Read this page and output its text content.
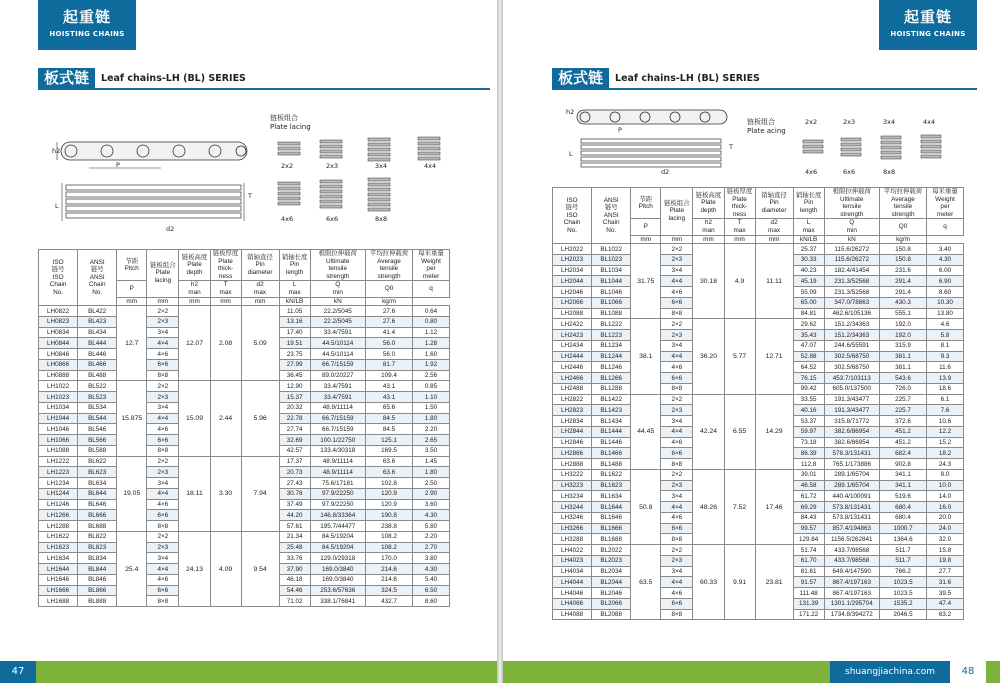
起重链
HOISTING CHAINS
板式链	Leaf chains-LH (BL) SERIES
链板组合
Plate lacing
h2
P
L
T
d2
2x2	2x3	3x4	4x4
4x6	6x6	8x8
ISO
链号
ISO
Chain
No.	ANSI
链号
ANSI
Chain
No.	节距
Pitch	链板组合
Plate
lacing	链板高度
Plate
depth	链板厚度
Plate
thick-
ness	销轴直径
Pin
diameter	销轴长度
Pin
length	极限拉伸载荷
Ultimate
tensile
strength	平均拉伸载荷
Average
tensile
strength	每米重量
Weight
per
meter
		P		h2
man	T
max	d2
max	L
max	Q
min	Q0	q
		mm	mm	mm	mm	mm	kN/LB	kN	kg/m	
LH0822	BL422	12.7	2×2	12.07	2.08	5.09	11.05	22.2/5045	27.6	0.64
LH0823	BL423		2×3				13.16	22.2/5045	27.6	0.80
LH0834	BL434		3×4				17.40	33.4/7591	41.4	1.12
LH0844	BL444		4×4				19.51	44.5/10114	56.0	1.28
LH0846	BL446		4×6				23.75	44.5/10114	56.0	1.60
LH0866	BL466		6×6				27.99	66.7/15159	81.7	1.92
LH0888	BL488		8×8				36.45	89.0/20227	109.4	2.56
LH1022	BL522	15.875	2×2	15.09	2.44	5.96	12.90	33.4/7591	43.1	0.85
LH1023	BL523		2×3				15.37	33.4/7591	43.1	1.10
LH1034	BL534		3×4				20.32	48.9/11114	65.6	1.50
LH1044	BL544		4×4				22.78	66.7/15159	84.5	1.80
LH1046	BL546		4×6				27.74	66.7/15159	84.5	2.20
LH1066	BL566		6×6				32.69	100.1/22750	125.1	2.65
LH1088	BL588		8×8				42.57	133.4/30318	169.5	3.50
LH1222	BL622	19.05	2×2	18.11	3.30	7.94	17.37	48.9/11114	63.6	1.45
LH1223	BL623		2×3				20.73	48.9/11114	63.6	1.80
LH1234	BL634		3×4				27.43	75.6/17181	102.8	2.50
LH1244	BL644		4×4				30.78	97.9/22250	120.9	2.90
LH1246	BL646		4×6				37.49	97.9/22250	120.9	3.60
LH1266	BL666		6×6				44.20	146.8/33364	190.8	4.30
LH1288	BL688		8×8				57.61	195.7/44477	238.8	5.80
LH1622	BL822	25.4	2×2	24.13	4.09	9.54	21.34	84.5/19204	108.2	2.20
LH1623	BL823		2×3				25.48	84.5/19204	108.2	2.70
LH1634	BL834		3×4				33.76	129.0/29318	170.0	3.80
LH1644	BL844		4×4				37.90	169.0/3840	214.6	4.30
LH1646	BL846		4×6				46.18	169.0/3840	214.6	5.40
LH1666	BL866		6×6				54.46	253.6/57636	324.5	6.50
LH1688	BL888		8×8				71.02	338.1/76841	432.7	8.60
47
起重链
HOISTING CHAINS
板式链	Leaf chains-LH (BL) SERIES
h2
P
L
T
d2
链板组合
Plate acing
2x2	2x3	3x4	4x4
4x6	6x6	8x8
ISO
链号
ISO
Chain
No.	ANSI
链号
ANSI
Chain
No.	节距
Pitch	链板组合
Plate
lacing	链板高度
Plate
depth	链板厚度
Plate
thick-
ness	销轴直径
Pin
diameter	销轴长度
Pin
length	极限拉伸载荷
Ultimate
tensile
strength	平均拉伸载荷
Average
tensile
strength	每米重量
Weight
per
meter
		P		h2
man	T
max	d2
max	L
max	Q
min	Q0	q
		mm	mm	mm	mm	mm	kN/LB	kN	kg/m	
LH2022	BL1022	31.75	2×2	30.18	4.9	11.11	25.37	115.6/26272	150.8	3.40
LH2023	BL1023		2×3				30.33	115.6/26272	150.8	4.30
LH2034	BL1034		3×4				40.23	182.4/41454	231.6	6.00
LH2044	BL1044		4×4				45.19	231.3/52568	291.4	6.90
LH2046	BL1046		4×6				55.09	231.3/52568	291.4	8.60
LH2066	BL1066		6×6				65.00	347.0/78863	430.3	10.30
LH2088	BL1088		8×8				84.81	462.6/105136	555.1	13.80
LH2422	BL1222	38.1	2×2	36.20	5.77	12.71	29.62	151.2/34363	192.0	4.6
LH2423	BL1223		2×3				35.43	151.2/34363	192.0	5.8
LH2434	BL1234		3×4				47.07	244.6/55591	315.9	8.1
LH2444	BL1244		4×4				52.88	302.5/68750	381.1	9.3
LH2446	BL1246		4×6				64.52	302.5/68750	381.1	11.6
LH2466	BL1266		6×6				76.15	453.7/103113	543.6	13.9
LH2488	BL1288		8×8				99.42	605.0/137500	726.0	18.6
LH2822	BL1422	44.45	2×2	42.24	6.55	14.29	33.55	191.3/43477	225.7	6.1
LH2823	BL1423		2×3				40.16	191.3/43477	225.7	7.6
LH2834	BL1434		3×4				53.37	315.8/71772	372.6	10.6
LH2844	BL1444		4×4				59.97	382.6/86954	451.2	12.2
LH2846	BL1446		4×6				73.18	382.6/86954	451.2	15.2
LH2866	BL1466		6×6				86.39	578.3/131431	682.4	18.2
LH2888	BL1488		8×8				112.8	765.1/173886	902.8	24.3
LH3222	BL1622	50.8	2×2	48.26	7.52	17.46	39.01	289.1/65704	341.1	8.0
LH3223	BL1623		2×3				46.58	289.1/65704	341.1	10.0
LH3234	BL1634		3×4				61.72	440.4/100091	519.6	14.0
LH3244	BL1644		4×4				69.29	573.8/131431	680.4	16.0
LH3246	BL1646		4×6				84.43	573.8/131431	680.4	20.0
LH3266	BL1666		6×6				99.57	857.4/194863	1000.7	24.0
LH3288	BL1688		8×8				129.84	1156.5/262841	1364.6	32.0
LH4022	BL2022	63.5	2×2	60.33	9.91	23.81	51.74	433.7/98568	511.7	15.8
LH4023	BL2023		2×3				61.70	433.7/98568	511.7	19.8
LH4034	BL2034		3×4				81.61	649.4/147590	766.2	27.7
LH4044	BL2044		4×4				91.57	867.4/197163	1023.5	31.6
LH4046	BL2046		4×6				111.48	867.4/197163	1023.5	39.5
LH4066	BL2066		6×6				131.39	1301.1/295704	1535.2	47.4
LH4088	BL2088		8×8				171.22	1734.8/394272	2046.5	63.2
shuangjiachina.com	48
